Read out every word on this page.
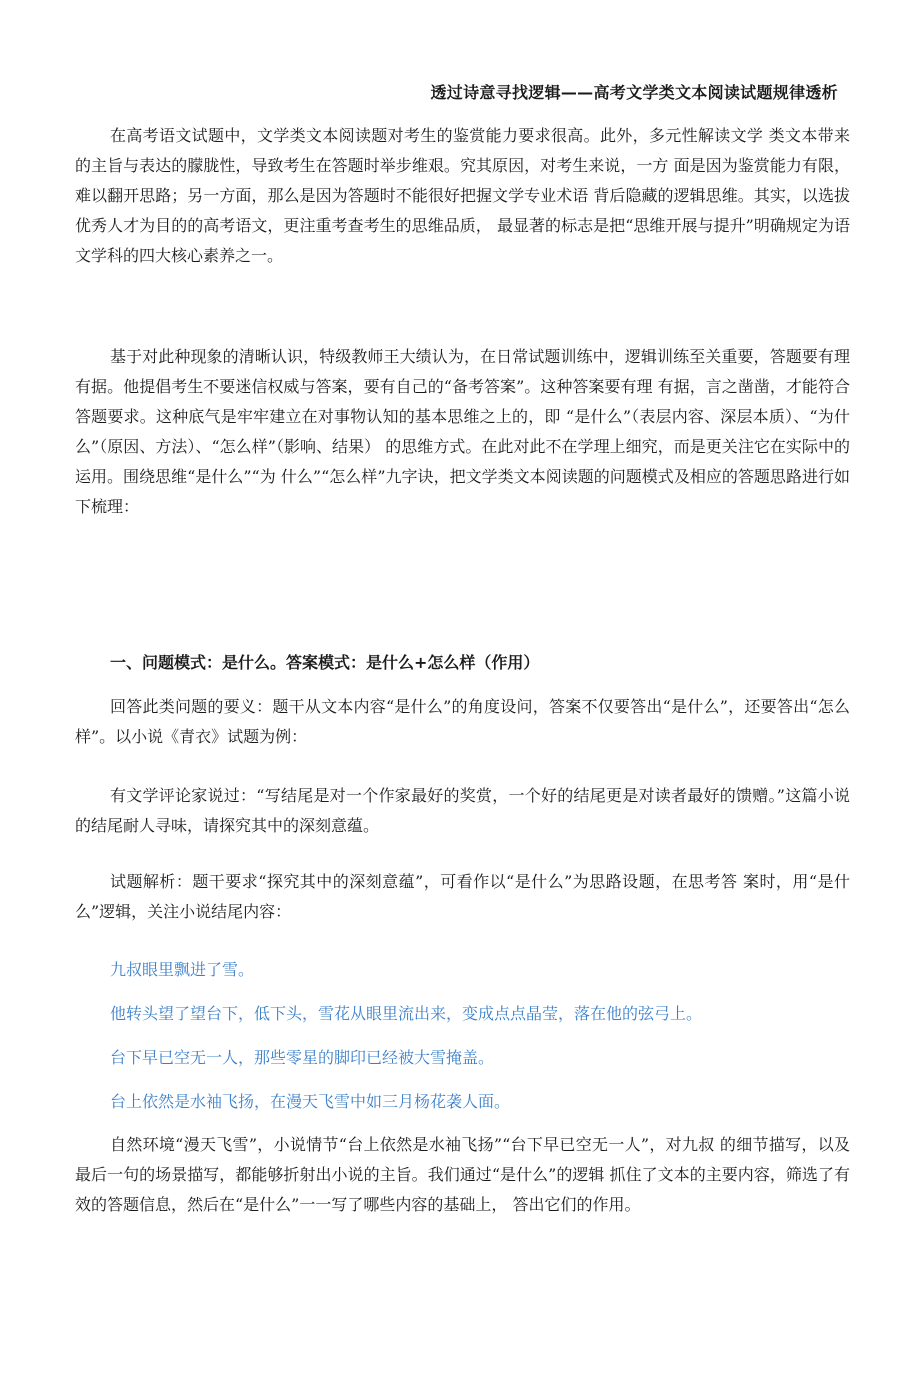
透过诗意寻找逻辑——高考文学类文本阅读试题规律透析
在高考语文试题中，文学类文本阅读题对考生的鉴赏能力要求很高。此外，多元性解读文学 类文本带来的主旨与表达的朦胧性，导致考生在答题时举步维艰。究其原因，对考生来说，一方 面是因为鉴赏能力有限，难以翻开思路；另一方面，那么是因为答题时不能很好把握文学专业术语 背后隐藏的逻辑思维。其实，以选拔优秀人才为目的的高考语文，更注重考查考生的思维品质， 最显著的标志是把“思维开展与提升”明确规定为语文学科的四大核心素养之一。
基于对此种现象的清晰认识，特级教师王大绩认为，在日常试题训练中，逻辑训练至关重要，答题要有理有据。他提倡考生不要迷信权威与答案，要有自己的“备考答案”。这种答案要有理 有据，言之凿凿，才能符合答题要求。这种底气是牢牢建立在对事物认知的基本思维之上的，即 “是什么”（表层内容、深层本质）、“为什么”（原因、方法）、“怎么样”（影响、结果） 的思维方式。在此对此不在学理上细究，而是更关注它在实际中的运用。围绕思维“是什么”“为 什么”“怎么样”九字诀，把文学类文本阅读题的问题模式及相应的答题思路进行如下梳理：
一、问题模式：是什么。答案模式：是什么+怎么样（作用）
回答此类问题的要义：题干从文本内容“是什么”的角度设问，答案不仅要答出“是什么”，还要答出“怎么样”。以小说《青衣》试题为例：
有文学评论家说过：“写结尾是对一个作家最好的奖赏，一个好的结尾更是对读者最好的馈赠。”这篇小说的结尾耐人寻味，请探究其中的深刻意蕴。
试题解析：题干要求“探究其中的深刻意蕴”，可看作以“是什么”为思路设题，在思考答 案时，用“是什么”逻辑，关注小说结尾内容：
九叔眼里飘进了雪。
他转头望了望台下，低下头，雪花从眼里流出来，变成点点晶莹，落在他的弦弓上。
台下早已空无一人，那些零星的脚印已经被大雪掩盖。
台上依然是水袖飞扬，在漫天飞雪中如三月杨花袭人面。
自然环境“漫天飞雪”，小说情节“台上依然是水袖飞扬”“台下早已空无一人”，对九叔 的细节描写，以及最后一句的场景描写，都能够折射出小说的主旨。我们通过“是什么”的逻辑 抓住了文本的主要内容，筛选了有效的答题信息，然后在“是什么”一一写了哪些内容的基础上， 答出它们的作用。
